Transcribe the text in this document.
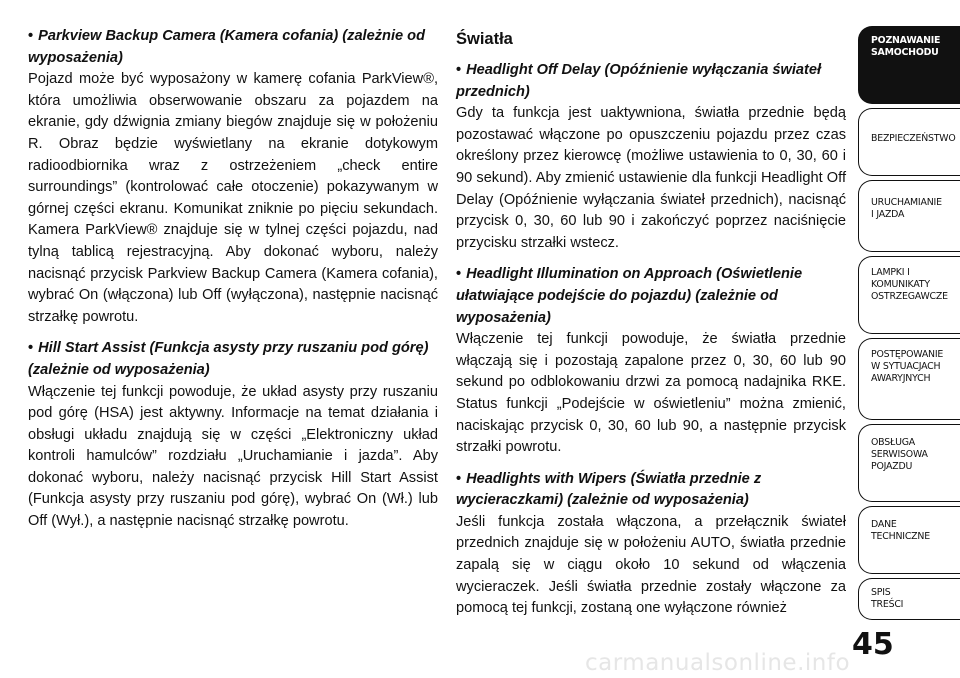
• Parkview Backup Camera (Kamera cofania) (zależnie od wyposażenia)

Pojazd może być wyposażony w kamerę cofania ParkView®, która umożliwia obserwowanie obszaru za pojazdem na ekranie, gdy dźwignia zmiany biegów znajduje się w położeniu R. Obraz będzie wyświetlany na ekranie dotykowym radioodbiornika wraz z ostrzeżeniem „check entire surroundings” (kontrolować całe otoczenie) pokazywanym w górnej części ekranu. Komunikat zniknie po pięciu sekundach. Kamera ParkView® znajduje się w tylnej części pojazdu, nad tylną tablicą rejestracyjną. Aby dokonać wyboru, należy nacisnąć przycisk Parkview Backup Camera (Kamera cofania), wybrać On (włączona) lub Off (wyłączona), następnie nacisnąć strzałkę powrotu.

• Hill Start Assist (Funkcja asysty przy ruszaniu pod górę) (zależnie od wyposażenia)

Włączenie tej funkcji powoduje, że układ asysty przy ruszaniu pod górę (HSA) jest aktywny. Informacje na temat działania i obsługi układu znajdują się w części „Elektroniczny układ kontroli hamulców” rozdziału „Uruchamianie i jazda”. Aby dokonać wyboru, należy nacisnąć przycisk Hill Start Assist (Funkcja asysty przy ruszaniu pod górę), wybrać On (Wł.) lub Off (Wył.), a następnie nacisnąć strzałkę powrotu.

Światła

• Headlight Off Delay (Opóźnienie wyłączania świateł przednich)

Gdy ta funkcja jest uaktywniona, światła przednie będą pozostawać włączone po opuszczeniu pojazdu przez czas określony przez kierowcę (możliwe ustawienia to 0, 30, 60 i 90 sekund). Aby zmienić ustawienie dla funkcji Headlight Off Delay (Opóźnienie wyłączania świateł przednich), nacisnąć przycisk 0, 30, 60 lub 90 i zakończyć poprzez naciśnięcie przycisku strzałki wstecz.

• Headlight Illumination on Approach (Oświetlenie ułatwiające podejście do pojazdu) (zależnie od wyposażenia)

Włączenie tej funkcji powoduje, że światła przednie włączają się i pozostają zapalone przez 0, 30, 60 lub 90 sekund po odblokowaniu drzwi za pomocą nadajnika RKE. Status funkcji „Podejście w oświetleniu” można zmienić, naciskając przycisk 0, 30, 60 lub 90, a następnie przycisk strzałki powrotu.

• Headlights with Wipers (Światła przednie z wycieraczkami) (zależnie od wyposażenia)

Jeśli funkcja została włączona, a przełącznik świateł przednich znajduje się w położeniu AUTO, światła przednie zapalą się w ciągu około 10 sekund od włączenia wycieraczek. Jeśli światła przednie zostały włączone za pomocą tej funkcji, zostaną one wyłączone również

POZNAWANIE
SAMOCHODU
BEZPIECZEŃSTWO
URUCHAMIANIE
I JAZDA
LAMPKI I
KOMUNIKATY
OSTRZEGAWCZE
POSTĘPOWANIE
W SYTUACJACH
AWARYJNYCH
OBSŁUGA
SERWISOWA
POJAZDU
DANE
TECHNICZNE
SPIS
TREŚCI
45
carmanualsonline.info
